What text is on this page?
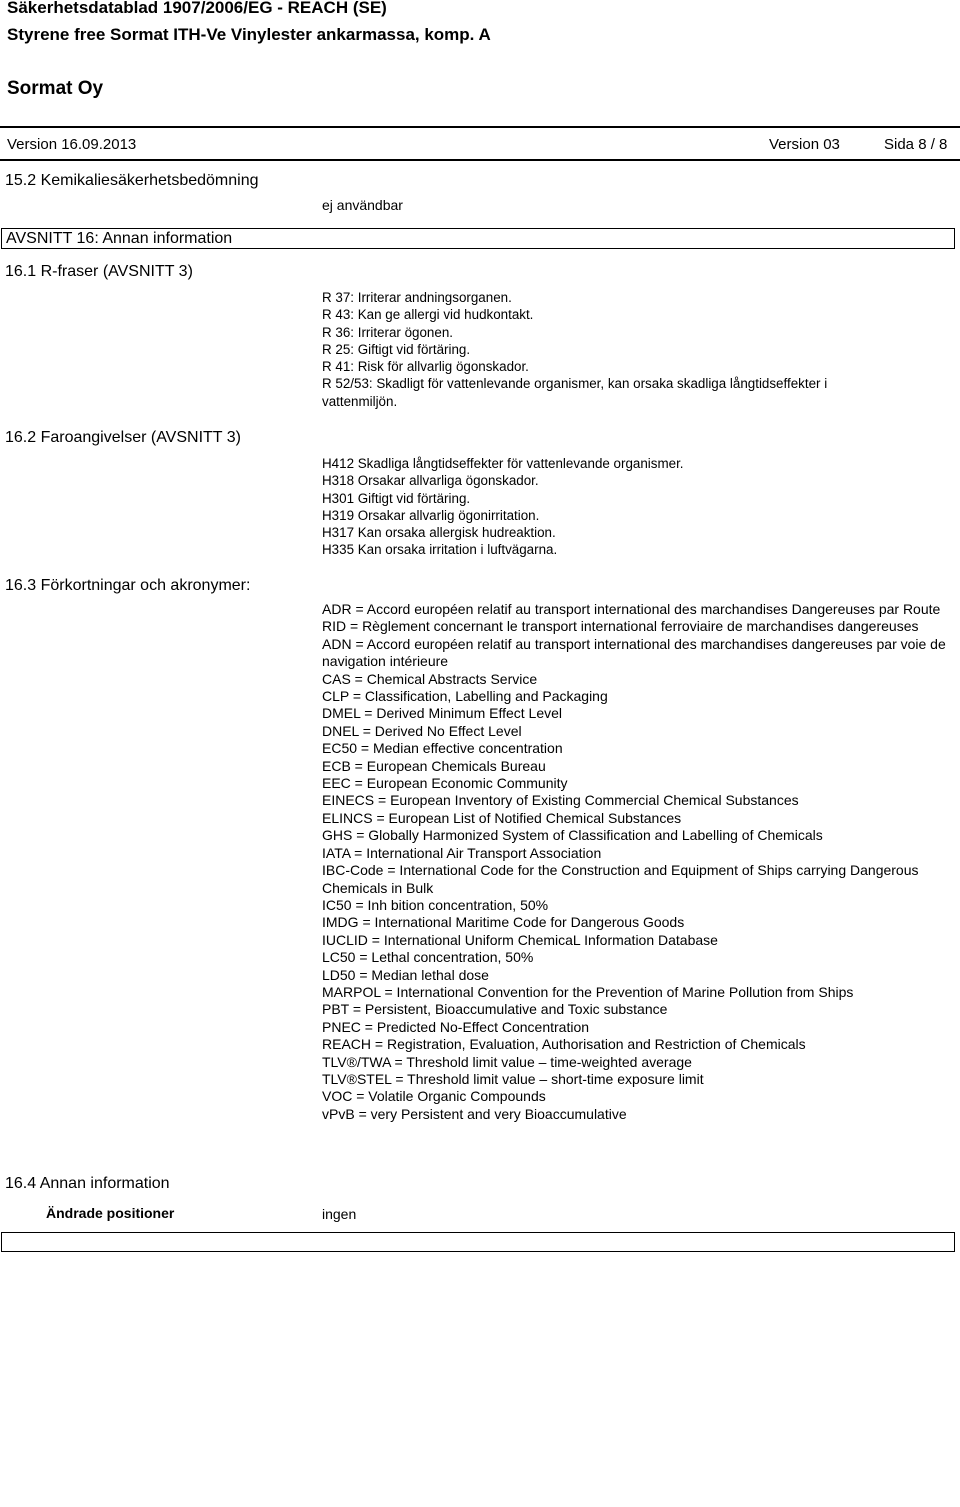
Säkerhetsdatablad 1907/2006/EG - REACH (SE)
Styrene free Sormat ITH-Ve Vinylester ankarmassa, komp. A
Sormat Oy
Version 16.09.2013	Version 03	Sida 8 / 8
15.2 Kemikaliesäkerhetsbedömning
ej användbar
AVSNITT 16: Annan information
16.1 R-fraser (AVSNITT 3)
R 37: Irriterar andningsorganen.
R 43: Kan ge allergi vid hudkontakt.
R 36: Irriterar ögonen.
R 25: Giftigt vid förtäring.
R 41: Risk för allvarlig ögonskador.
R 52/53: Skadligt för vattenlevande organismer, kan orsaka skadliga långtidseffekter i
vattenmiljön.
16.2 Faroangivelser (AVSNITT 3)
H412 Skadliga långtidseffekter för vattenlevande organismer.
H318 Orsakar allvarliga ögonskador.
H301 Giftigt vid förtäring.
H319 Orsakar allvarlig ögonirritation.
H317 Kan orsaka allergisk hudreaktion.
H335 Kan orsaka irritation i luftvägarna.
16.3 Förkortningar och akronymer:
ADR = Accord européen relatif au transport international des marchandises Dangereuses par Route
RID = Règlement concernant le transport international ferroviaire de marchandises dangereuses
ADN = Accord européen relatif au transport international des marchandises dangereuses par voie de navigation intérieure
CAS = Chemical Abstracts Service
CLP = Classification, Labelling and Packaging
DMEL = Derived Minimum Effect Level
DNEL = Derived No Effect Level
EC50 = Median effective concentration
ECB = European Chemicals Bureau
EEC = European Economic Community
EINECS = European Inventory of Existing Commercial Chemical Substances
ELINCS = European List of Notified Chemical Substances
GHS = Globally Harmonized System of Classification and Labelling of Chemicals
IATA = International Air Transport Association
IBC-Code = International Code for the Construction and Equipment of Ships carrying Dangerous Chemicals in Bulk
IC50 = Inh bition concentration, 50%
IMDG = International Maritime Code for Dangerous Goods
IUCLID = International Uniform ChemicaL Information Database
LC50 = Lethal concentration, 50%
LD50 = Median lethal dose
MARPOL = International Convention for the Prevention of Marine Pollution from Ships
PBT = Persistent, Bioaccumulative and Toxic substance
PNEC = Predicted No-Effect Concentration
REACH = Registration, Evaluation, Authorisation and Restriction of Chemicals
TLV®/TWA = Threshold limit value – time-weighted average
TLV®STEL = Threshold limit value – short-time exposure limit
VOC = Volatile Organic Compounds
vPvB = very Persistent and very Bioaccumulative
16.4 Annan information
Ändrade positioner	ingen
